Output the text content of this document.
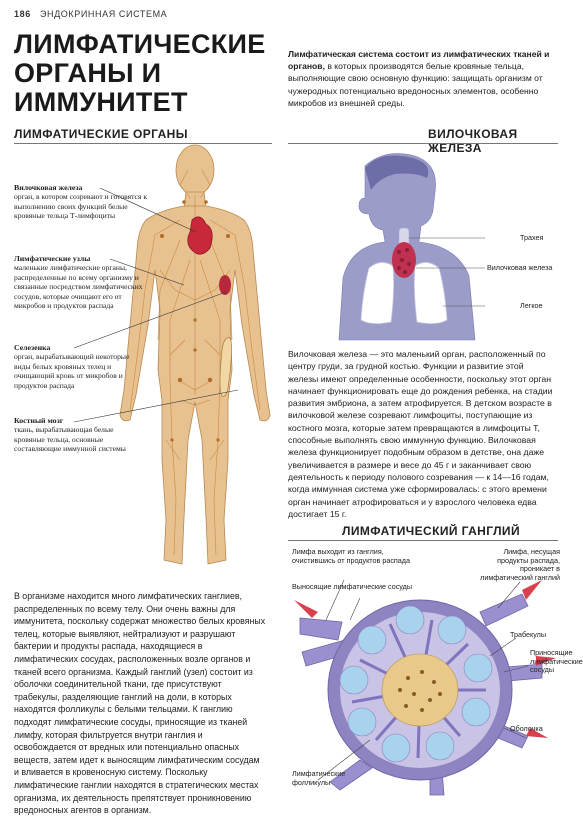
186 ЭНДОКРИННАЯ СИСТЕМА
ЛИМФАТИЧЕСКИЕ
ОРГАНЫ И ИММУНИТЕТ
Лимфатическая система состоит из лимфатических тканей и органов, в которых производятся белые кровяные тельца, выполняющие свою основную функцию: защищать организм от чужеродных потенциально вредоносных элементов, особенно микробов из внешней среды.
ЛИМФАТИЧЕСКИЕ ОРГАНЫ
Вилочковая железа
орган, в котором созревают и готовятся к выполнению своих функций белые кровяные тельца Т-лимфоциты
Лимфатические узлы
маленькие лимфатические органы, распределенные по всему организму и связанные посредством лимфатических сосудов, которые очищают его от микробов и продуктов распада
Селезенка
орган, вырабатывающий некоторые виды белых кровяных телец и очищающий кровь от микробов и продуктов распада
Костный мозг
ткань, вырабатывающая белые кровяные тельца, основные составляющие иммунной системы
В организме находится много лимфатических ганглиев, распределенных по всему телу. Они очень важны для иммунитета, поскольку содержат множество белых кровяных телец, которые выявляют, нейтрализуют и разрушают бактерии и продукты распада, находящиеся в лимфатических сосудах, расположенных возле органов и тканей всего организма. Каждый ганглий (узел) состоит из оболочки соединительной ткани, где присутствуют трабекулы, разделяющие ганглий на доли, в которых находятся фолликулы с белыми тельцами. К ганглию подходят лимфатические сосуды, приносящие из тканей лимфу, которая фильтруется внутри ганглия и освобождается от вредных или потенциально опасных веществ, затем идет к выносящим лимфатическим сосудам и вливается в кровеносную систему. Поскольку лимфатические ганглии находятся в стратегических местах организма, их деятельность препятствует проникновению вредоносных агентов в организм.
ВИЛОЧКОВАЯ ЖЕЛЕЗА
Трахея
Вилочковая железа
Легкое
Вилочковая железа — это маленький орган, расположенный по центру груди, за грудной костью. Функции и развитие этой железы имеют определенные особенности, поскольку этот орган начинает функционировать еще до рождения ребенка, на стадии развития эмбриона, а затем атрофируется. В детском возрасте в вилочковой железе созревают лимфоциты, поступающие из костного мозга, которые затем превращаются в лимфоциты Т, способные выполнять свою иммунную функцию. Вилочковая железа функционирует подобным образом в детстве, она даже увеличивается в размере и весе до 45 г и заканчивает свою деятельность к периоду полового созревания — к 14—16 годам, когда иммунная система уже сформировалась: с этого времени орган начинает атрофироваться и у взрослого человека едва достигает 15 г.
ЛИМФАТИЧЕСКИЙ ГАНГЛИЙ
Лимфа выходит из ганглия, очистившись от продуктов распада
Лимфа, несущая продукты распада, проникает в лимфатический ганглий
Выносящие лимфатические сосуды
Трабекулы
Приносящие лимфатические сосуды
Оболочка
Лимфатические фолликулы
